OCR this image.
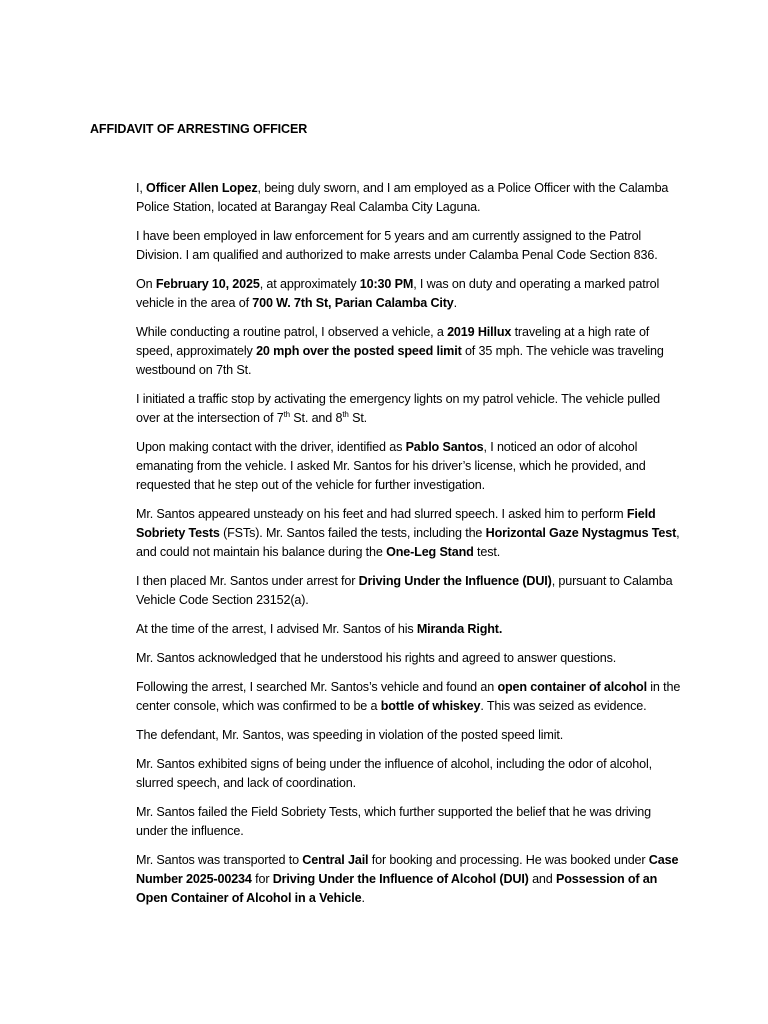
AFFIDAVIT OF ARRESTING OFFICER

I, Officer Allen Lopez, being duly sworn, and I am employed as a Police Officer with the Calamba Police Station, located at Barangay Real Calamba City Laguna.

I have been employed in law enforcement for 5 years and am currently assigned to the Patrol Division. I am qualified and authorized to make arrests under Calamba Penal Code Section 836.

On February 10, 2025, at approximately 10:30 PM, I was on duty and operating a marked patrol vehicle in the area of 700 W. 7th St, Parian Calamba City.

While conducting a routine patrol, I observed a vehicle, a 2019 Hillux traveling at a high rate of speed, approximately 20 mph over the posted speed limit of 35 mph. The vehicle was traveling westbound on 7th St.

I initiated a traffic stop by activating the emergency lights on my patrol vehicle. The vehicle pulled over at the intersection of 7th St. and 8th St.

Upon making contact with the driver, identified as Pablo Santos, I noticed an odor of alcohol emanating from the vehicle. I asked Mr. Santos for his driver’s license, which he provided, and requested that he step out of the vehicle for further investigation.

Mr. Santos appeared unsteady on his feet and had slurred speech. I asked him to perform Field Sobriety Tests (FSTs). Mr. Santos failed the tests, including the Horizontal Gaze Nystagmus Test, and could not maintain his balance during the One-Leg Stand test.

I then placed Mr. Santos under arrest for Driving Under the Influence (DUI), pursuant to Calamba Vehicle Code Section 23152(a).

At the time of the arrest, I advised Mr. Santos of his Miranda Right.

Mr. Santos acknowledged that he understood his rights and agreed to answer questions.

Following the arrest, I searched Mr. Santos’s vehicle and found an open container of alcohol in the center console, which was confirmed to be a bottle of whiskey. This was seized as evidence.

The defendant, Mr. Santos, was speeding in violation of the posted speed limit.

Mr. Santos exhibited signs of being under the influence of alcohol, including the odor of alcohol, slurred speech, and lack of coordination.

Mr. Santos failed the Field Sobriety Tests, which further supported the belief that he was driving under the influence.

Mr. Santos was transported to Central Jail for booking and processing. He was booked under Case Number 2025-00234 for Driving Under the Influence of Alcohol (DUI) and Possession of an Open Container of Alcohol in a Vehicle.
